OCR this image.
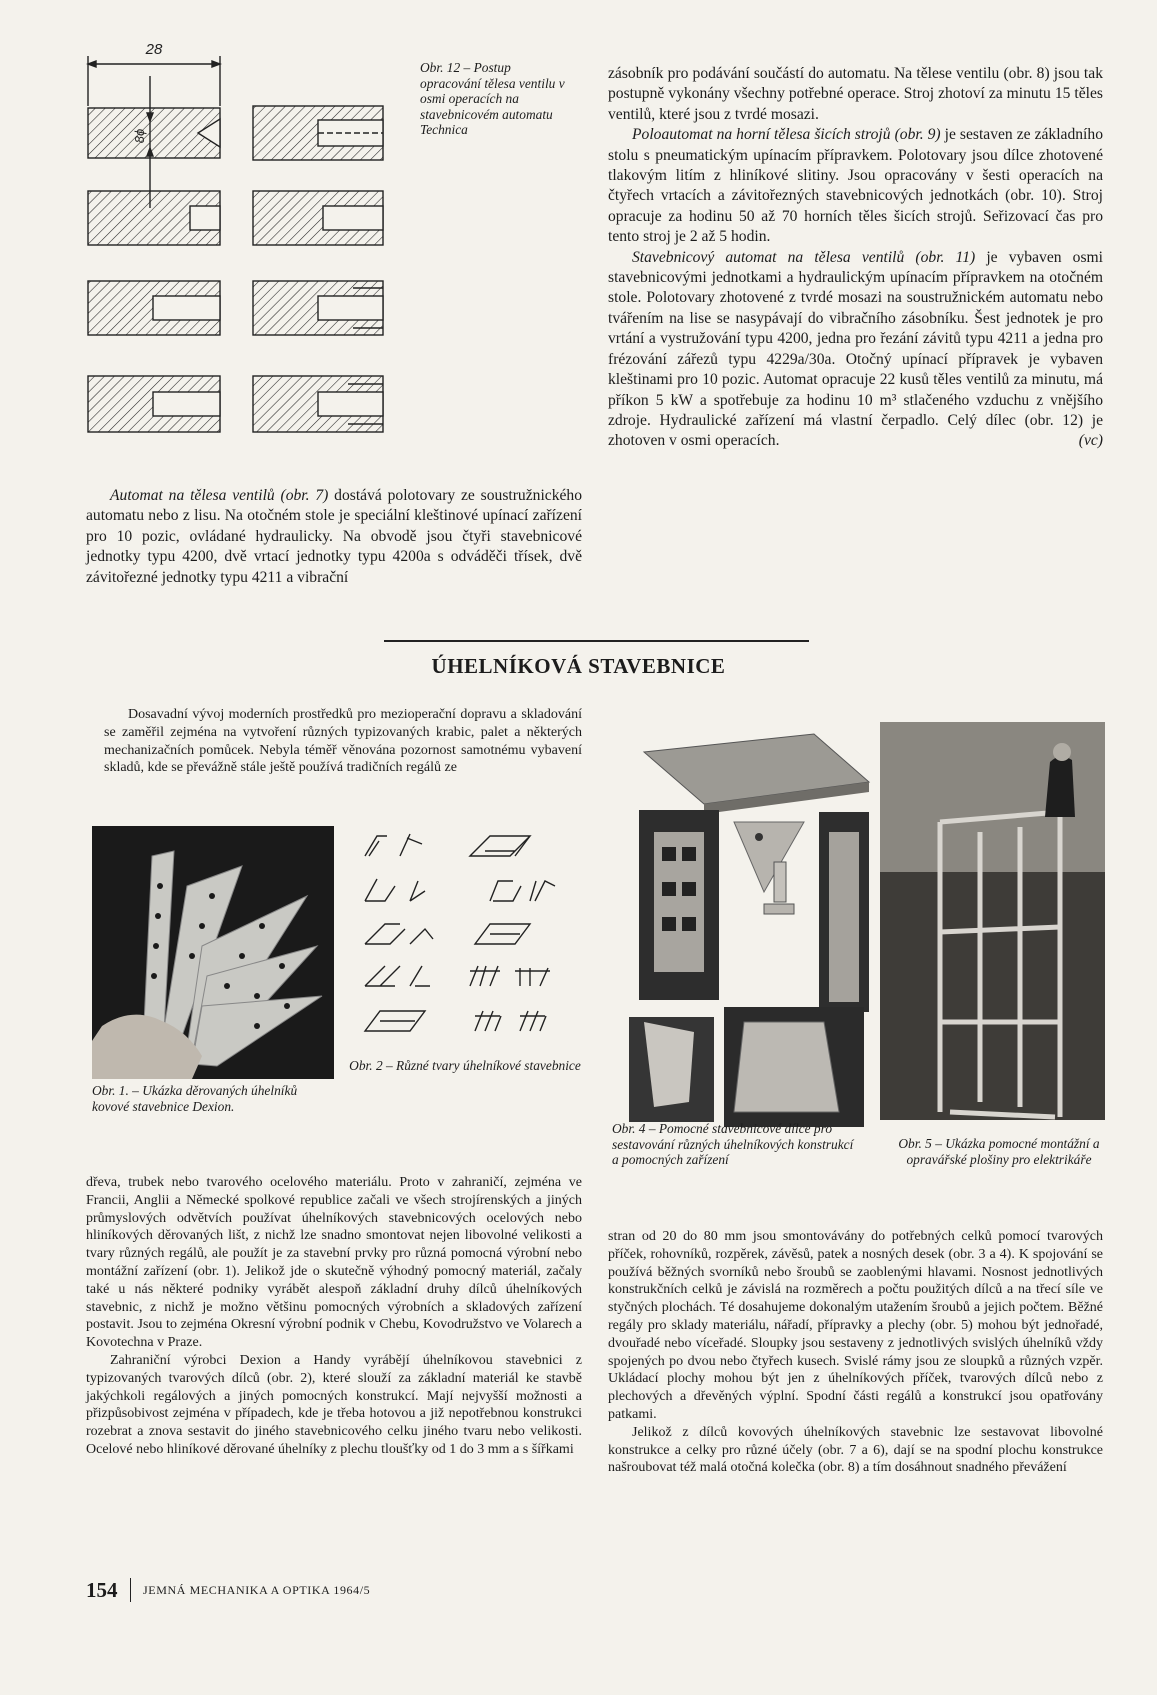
28
8ϕ

Obr. 12 – Postup opracování tělesa ventilu v osmi operacích na stavebnicovém automatu Technica

Automat na tělesa ventilů (obr. 7) dostává polotovary ze soustružnického automatu nebo z lisu. Na otočném stole je speciální kleštinové upínací zařízení pro 10 pozic, ovládané hydraulicky. Na obvodě jsou čtyři stavebnicové jednotky typu 4200, dvě vrtací jednotky typu 4200a s odváděči třísek, dvě závitořezné jednotky typu 4211 a vibrační

zásobník pro podávání součástí do automatu. Na tělese ventilu (obr. 8) jsou tak postupně vykonány všechny potřebné operace. Stroj zhotoví za minutu 15 těles ventilů, které jsou z tvrdé mosazi.

Poloautomat na horní tělesa šicích strojů (obr. 9) je sestaven ze základního stolu s pneumatickým upínacím přípravkem. Polotovary jsou dílce zhotovené tlakovým litím z hliníkové slitiny. Jsou opracovány v šesti operacích na čtyřech vrtacích a závitořezných stavebnicových jednotkách (obr. 10). Stroj opracuje za hodinu 50 až 70 horních těles šicích strojů. Seřizovací čas pro tento stroj je 2 až 5 hodin.

Stavebnicový automat na tělesa ventilů (obr. 11) je vybaven osmi stavebnicovými jednotkami a hydraulickým upínacím přípravkem na otočném stole. Polotovary zhotovené z tvrdé mosazi na soustružnickém automatu nebo tvářením na lise se nasypávají do vibračního zásobníku. Šest jednotek je pro vrtání a vystružování typu 4200, jedna pro řezání závitů typu 4211 a jedna pro frézování zářezů typu 4229a/30a. Otočný upínací přípravek je vybaven kleštinami pro 10 pozic. Automat opracuje 22 kusů těles ventilů za minutu, má příkon 5 kW a spotřebuje za hodinu 10 m³ stlačeného vzduchu z vnějšího zdroje. Hydraulické zařízení má vlastní čerpadlo. Celý dílec (obr. 12) je zhotoven v osmi operacích.	(vc)
ÚHELNÍKOVÁ STAVEBNICE

Dosavadní vývoj moderních prostředků pro mezioperační dopravu a skladování se zaměřil zejména na vytvoření různých typizovaných krabic, palet a některých mechanizačních pomůcek. Nebyla téměř věnována pozornost samotnému vybavení skladů, kde se převážně stále ještě používá tradičních regálů ze

Obr. 1. – Ukázka děrovaných úhelníků kovové stavebnice Dexion.

Obr. 2 – Různé tvary úhelníkové stavebnice

Obr. 4 – Pomocné stavebnicové dílce pro sestavování různých úhelníkových konstrukcí a pomocných zařízení

Obr. 5 – Ukázka pomocné montážní a opravářské plošiny pro elektrikáře

dřeva, trubek nebo tvarového ocelového materiálu. Proto v zahraničí, zejména ve Francii, Anglii a Německé spolkové republice začali ve všech strojírenských a jiných průmyslových odvětvích používat úhelníkových stavebnicových ocelových nebo hliníkových děrovaných lišt, z nichž lze snadno smontovat nejen libovolné velikosti a tvary různých regálů, ale použít je za stavební prvky pro různá pomocná výrobní nebo montážní zařízení (obr. 1). Jelikož jde o skutečně výhodný pomocný materiál, začaly také u nás některé podniky vyrábět alespoň základní druhy dílců úhelníkových stavebnic, z nichž je možno většinu pomocných výrobních a skladových zařízení postavit. Jsou to zejména Okresní výrobní podnik v Chebu, Kovodružstvo ve Volarech a Kovotechna v Praze.

Zahraniční výrobci Dexion a Handy vyrábějí úhelníkovou stavebnici z typizovaných tvarových dílců (obr. 2), které slouží za základní materiál ke stavbě jakýchkoli regálových a jiných pomocných konstrukcí. Mají nejvyšší možnosti a přizpůsobivost zejména v případech, kde je třeba hotovou a již nepotřebnou konstrukci rozebrat a znova sestavit do jiného stavebnicového celku jiného tvaru nebo velikosti. Ocelové nebo hliníkové děrované úhelníky z plechu tloušťky od 1 do 3 mm a s šířkami

stran od 20 do 80 mm jsou smontovávány do potřebných celků pomocí tvarových příček, rohovníků, rozpěrek, závěsů, patek a nosných desek (obr. 3 a 4). K spojování se používá běžných svorníků nebo šroubů se zaoblenými hlavami. Nosnost jednotlivých konstrukčních celků je závislá na rozměrech a počtu použitých dílců a na třecí síle ve styčných plochách. Té dosahujeme dokonalým utažením šroubů a jejich počtem. Běžné regály pro sklady materiálu, nářadí, přípravky a plechy (obr. 5) mohou být jednořadé, dvouřadé nebo víceřadé. Sloupky jsou sestaveny z jednotlivých svislých úhelníků vždy spojených po dvou nebo čtyřech kusech. Svislé rámy jsou ze sloupků a různých vzpěr. Ukládací plochy mohou být jen z úhelníkových příček, tvarových dílců nebo z plechových a dřevěných výplní. Spodní části regálů a konstrukcí jsou opatřovány patkami.

Jelikož z dílců kovových úhelníkových stavebnic lze sestavovat libovolné konstrukce a celky pro různé účely (obr. 7 a 6), dají se na spodní plochu konstrukce našroubovat též malá otočná kolečka (obr. 8) a tím dosáhnout snadného převážení

154 JEMNÁ MECHANIKA A OPTIKA 1964/5
